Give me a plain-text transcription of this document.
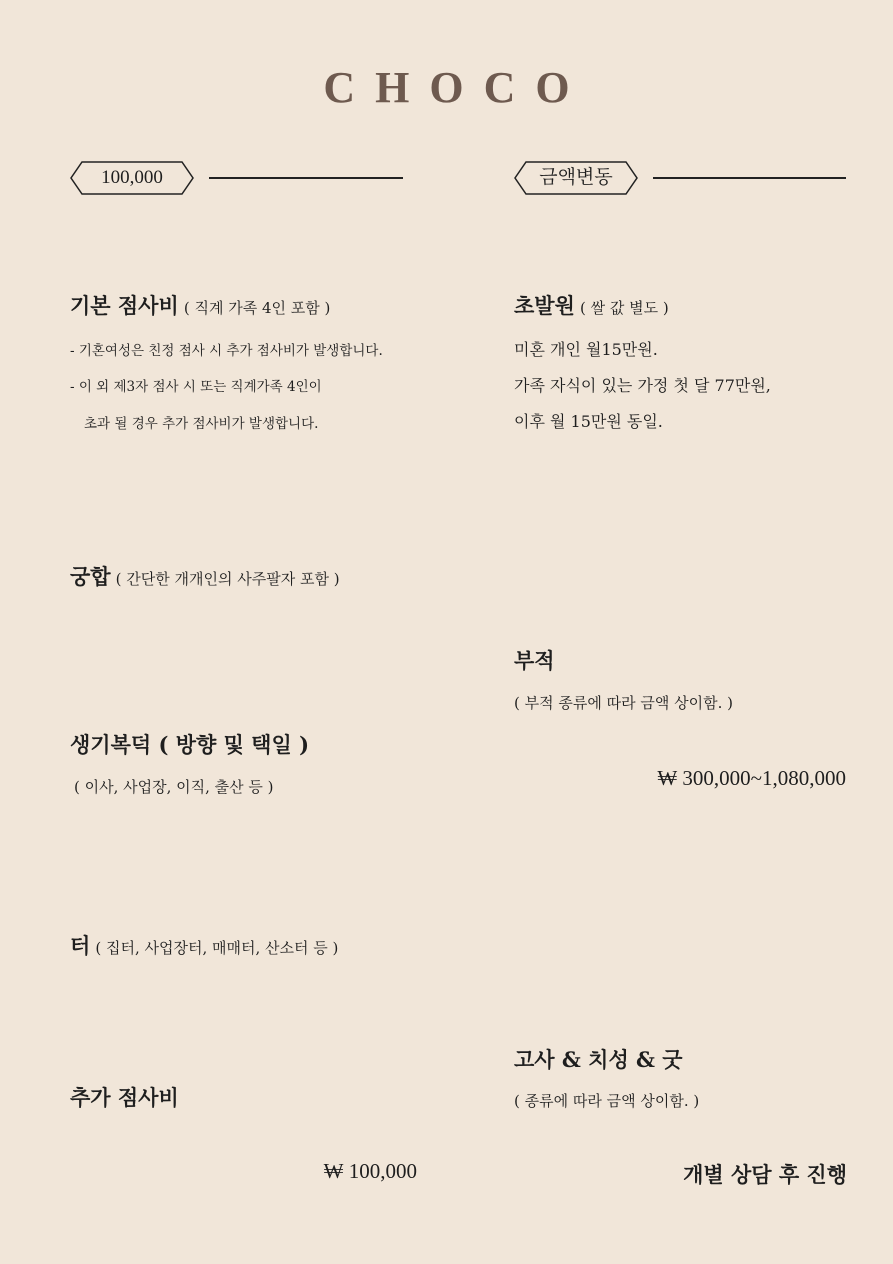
CHOCO
100,000	금액변동
기본 점사비 ( 직계 가족 4인 포함 )
- 기혼여성은 친정 점사 시 추가 점사비가 발생합니다.
- 이 외 제3자 점사 시 또는 직계가족 4인이
초과 될 경우 추가 점사비가 발생합니다.
초발원 ( 쌀 값 별도 )
미혼 개인 월15만원.
가족 자식이 있는 가정 첫 달 77만원,
이후 월 15만원 동일.
궁합 ( 간단한 개개인의 사주팔자 포함 )
부적
( 부적 종류에 따라 금액 상이함. )
₩ 300,000~1,080,000
생기복덕 ( 방향 및 택일 )
( 이사, 사업장, 이직, 출산 등 )
터 ( 집터, 사업장터, 매매터, 산소터 등 )
고사 & 치성 & 굿
( 종류에 따라 금액 상이함. )
개별 상담 후 진행
추가 점사비
₩ 100,000
